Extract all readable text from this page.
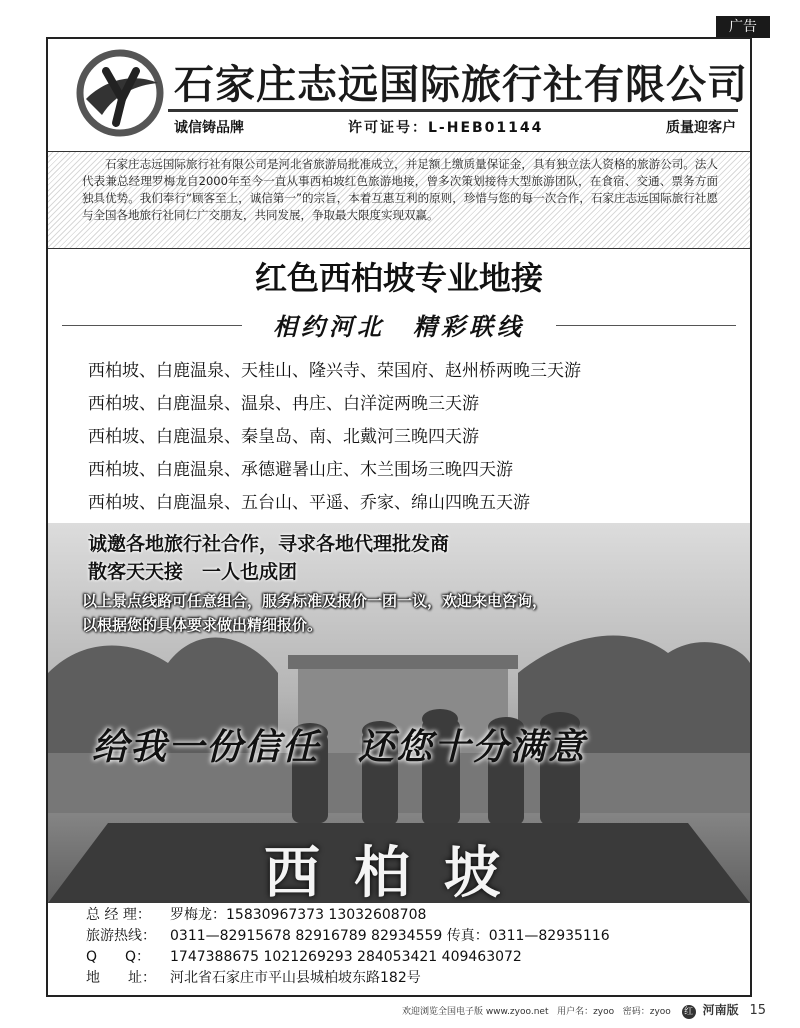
广告
石家庄志远国际旅行社有限公司
诚信铸品牌	许可证号：L-HEB01144	质量迎客户

石家庄志远国际旅行社有限公司是河北省旅游局批准成立，并足额上缴质量保证金，具有独立法人资格的旅游公司。法人代表兼总经理罗梅龙自2000年至今一直从事西柏坡红色旅游地接，曾多次策划接待大型旅游团队，在食宿、交通、票务方面独具优势。我们奉行“顾客至上，诚信第一”的宗旨，本着互惠互利的原则，珍惜与您的每一次合作，石家庄志远国际旅行社愿与全国各地旅行社同仁广交朋友，共同发展，争取最大限度实现双赢。

红色西柏坡专业地接
相约河北　精彩联线
西柏坡、白鹿温泉、天桂山、隆兴寺、荣国府、赵州桥两晚三天游
西柏坡、白鹿温泉、温泉、冉庄、白洋淀两晚三天游
西柏坡、白鹿温泉、秦皇岛、南、北戴河三晚四天游
西柏坡、白鹿温泉、承德避暑山庄、木兰围场三晚四天游
西柏坡、白鹿温泉、五台山、平遥、乔家、绵山四晚五天游
诚邀各地旅行社合作，寻求各地代理批发商
散客天天接　一人也成团
以上景点线路可任意组合，服务标准及报价一团一议，欢迎来电咨询，
以根据您的具体要求做出精细报价。
给我一份信任　还您十分满意
西柏坡
总 经 理： 罗梅龙：15830967373 13032608708
旅游热线： 0311—82915678 82916789 82934559 传真：0311—82935116
Q　　Q： 1747388675 1021269293 284053421 409463072
地　　址： 河北省石家庄市平山县城柏坡东路182号
欢迎浏览全国电子版 www.zyoo.net 用户名：zyoo 密码：zyoo 红 河南版 15
